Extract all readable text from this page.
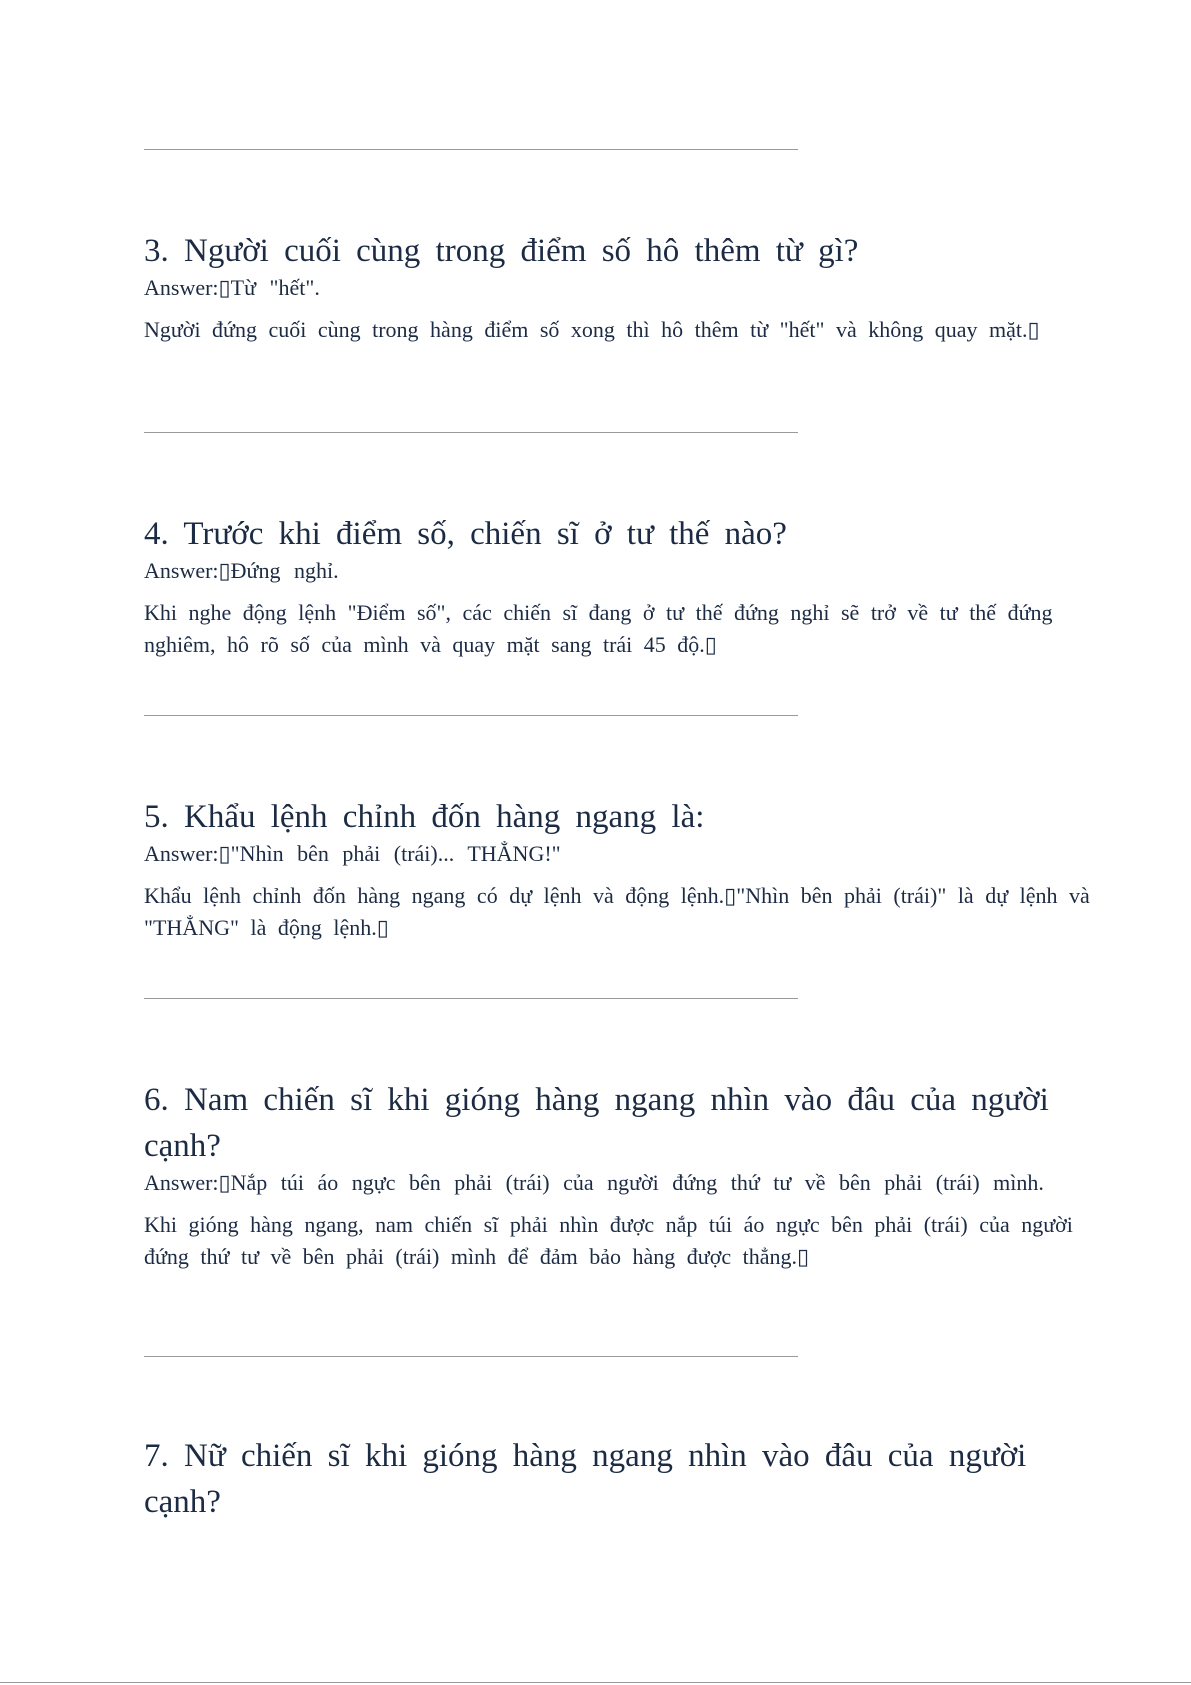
3. Người cuối cùng trong điểm số hô thêm từ gì?

Answer:▯Từ "hết".

Người đứng cuối cùng trong hàng điểm số xong thì hô thêm từ "hết" và không quay mặt.▯

4. Trước khi điểm số, chiến sĩ ở tư thế nào?

Answer:▯Đứng nghỉ.

Khi nghe động lệnh "Điểm số", các chiến sĩ đang ở tư thế đứng nghỉ sẽ trở về tư thế đứng nghiêm, hô rõ số của mình và quay mặt sang trái 45 độ.▯

5. Khẩu lệnh chỉnh đốn hàng ngang là:

Answer:▯"Nhìn bên phải (trái)... THẲNG!"

Khẩu lệnh chỉnh đốn hàng ngang có dự lệnh và động lệnh.▯"Nhìn bên phải (trái)" là dự lệnh và "THẲNG" là động lệnh.▯

6. Nam chiến sĩ khi gióng hàng ngang nhìn vào đâu của người cạnh?

Answer:▯Nắp túi áo ngực bên phải (trái) của người đứng thứ tư về bên phải (trái) mình.

Khi gióng hàng ngang, nam chiến sĩ phải nhìn được nắp túi áo ngực bên phải (trái) của người đứng thứ tư về bên phải (trái) mình để đảm bảo hàng được thẳng.▯

7. Nữ chiến sĩ khi gióng hàng ngang nhìn vào đâu của người cạnh?
